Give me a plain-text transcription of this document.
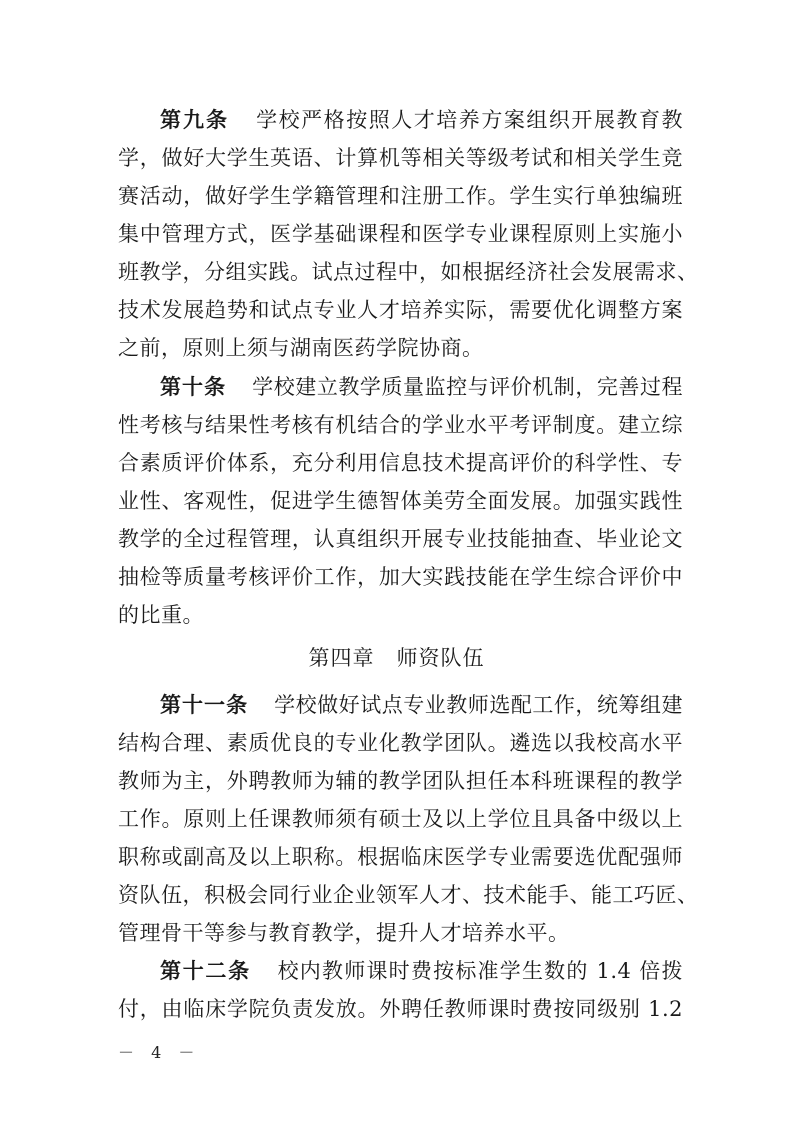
第九条 学校严格按照人才培养方案组织开展教育教
学，做好大学生英语、计算机等相关等级考试和相关学生竞
赛活动，做好学生学籍管理和注册工作。学生实行单独编班
集中管理方式，医学基础课程和医学专业课程原则上实施小
班教学，分组实践。试点过程中，如根据经济社会发展需求、
技术发展趋势和试点专业人才培养实际，需要优化调整方案
之前，原则上须与湖南医药学院协商。
第十条 学校建立教学质量监控与评价机制，完善过程
性考核与结果性考核有机结合的学业水平考评制度。建立综
合素质评价体系，充分利用信息技术提高评价的科学性、专
业性、客观性，促进学生德智体美劳全面发展。加强实践性
教学的全过程管理，认真组织开展专业技能抽查、毕业论文
抽检等质量考核评价工作，加大实践技能在学生综合评价中
的比重。
第四章 师资队伍
第十一条 学校做好试点专业教师选配工作，统筹组建
结构合理、素质优良的专业化教学团队。遴选以我校高水平
教师为主，外聘教师为辅的教学团队担任本科班课程的教学
工作。原则上任课教师须有硕士及以上学位且具备中级以上
职称或副高及以上职称。根据临床医学专业需要选优配强师
资队伍，积极会同行业企业领军人才、技术能手、能工巧匠、
管理骨干等参与教育教学，提升人才培养水平。
第十二条 校内教师课时费按标准学生数的 1.4 倍拨
付，由临床学院负责发放。外聘任教师课时费按同级别 1.2
－ 4 －
